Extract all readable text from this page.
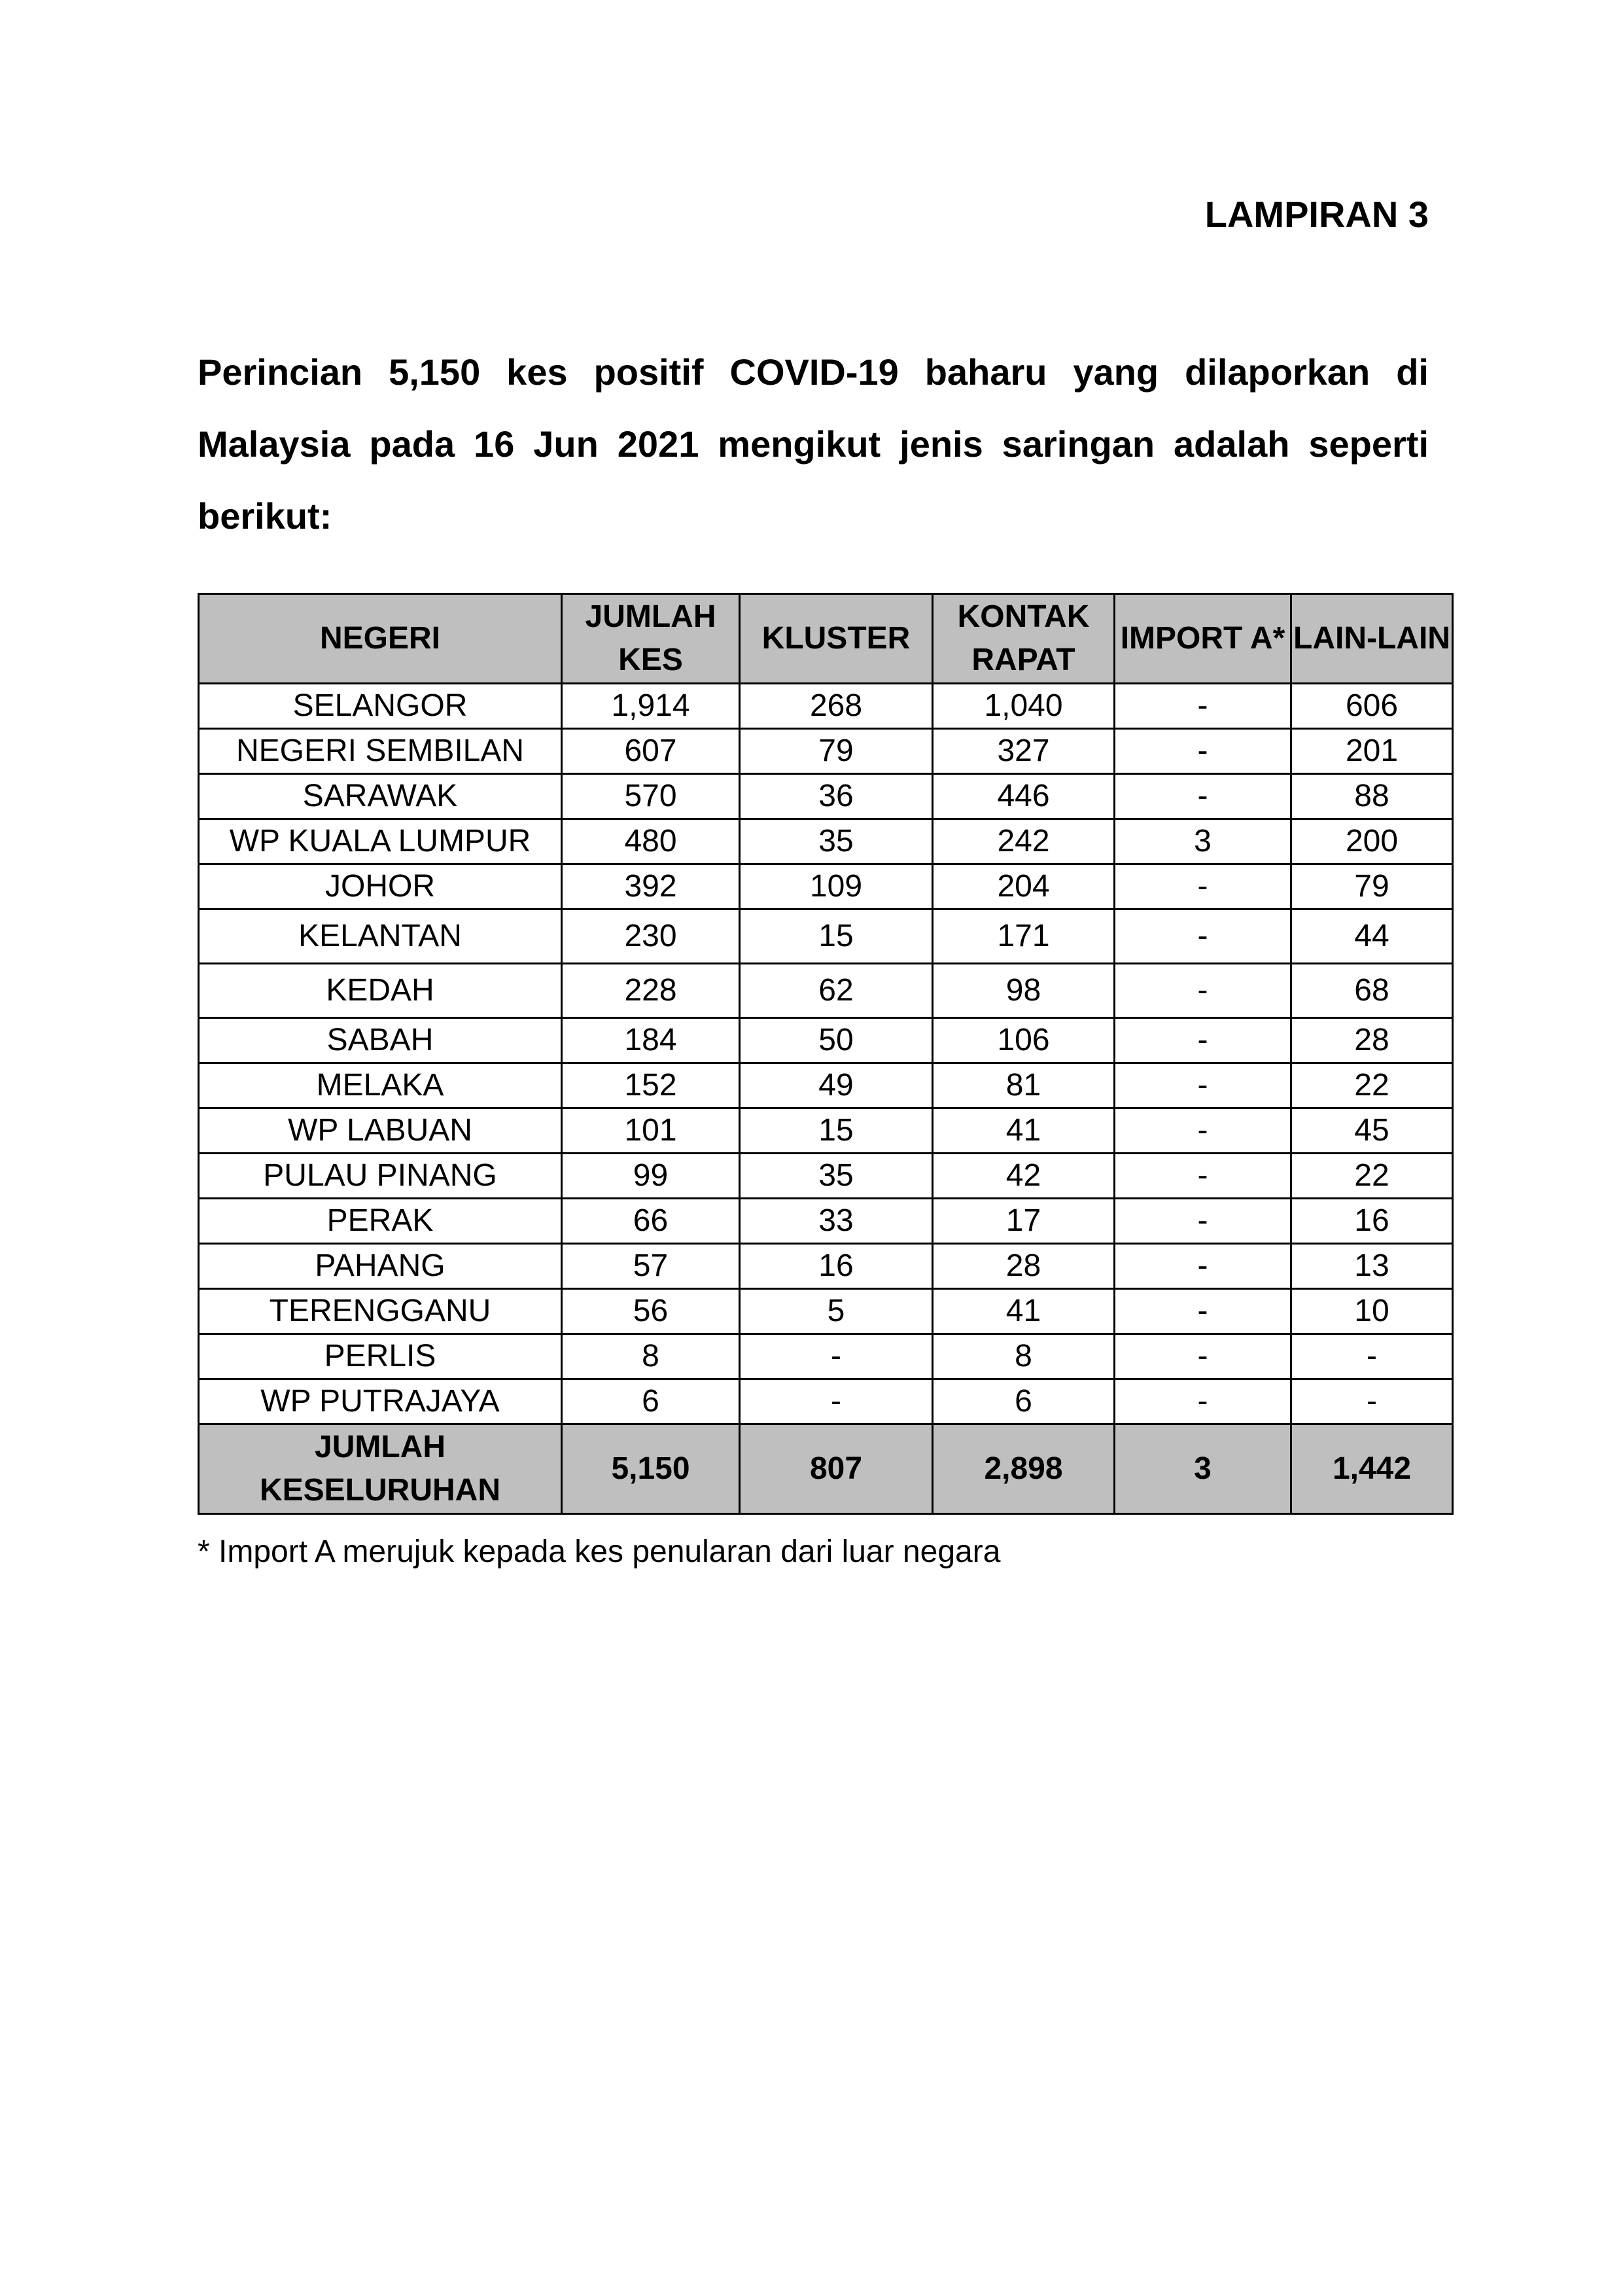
LAMPIRAN 3
Perincian 5,150 kes positif COVID-19 baharu yang dilaporkan di Malaysia pada 16 Jun 2021 mengikut jenis saringan adalah seperti berikut:
NEGERI	JUMLAH KES	KLUSTER	KONTAK RAPAT	IMPORT A*	LAIN-LAIN
SELANGOR	1,914	268	1,040	-	606
NEGERI SEMBILAN	607	79	327	-	201
SARAWAK	570	36	446	-	88
WP KUALA LUMPUR	480	35	242	3	200
JOHOR	392	109	204	-	79
KELANTAN	230	15	171	-	44
KEDAH	228	62	98	-	68
SABAH	184	50	106	-	28
MELAKA	152	49	81	-	22
WP LABUAN	101	15	41	-	45
PULAU PINANG	99	35	42	-	22
PERAK	66	33	17	-	16
PAHANG	57	16	28	-	13
TERENGGANU	56	5	41	-	10
PERLIS	8	-	8	-	-
WP PUTRAJAYA	6	-	6	-	-
JUMLAH KESELURUHAN	5,150	807	2,898	3	1,442
* Import A merujuk kepada kes penularan dari luar negara
